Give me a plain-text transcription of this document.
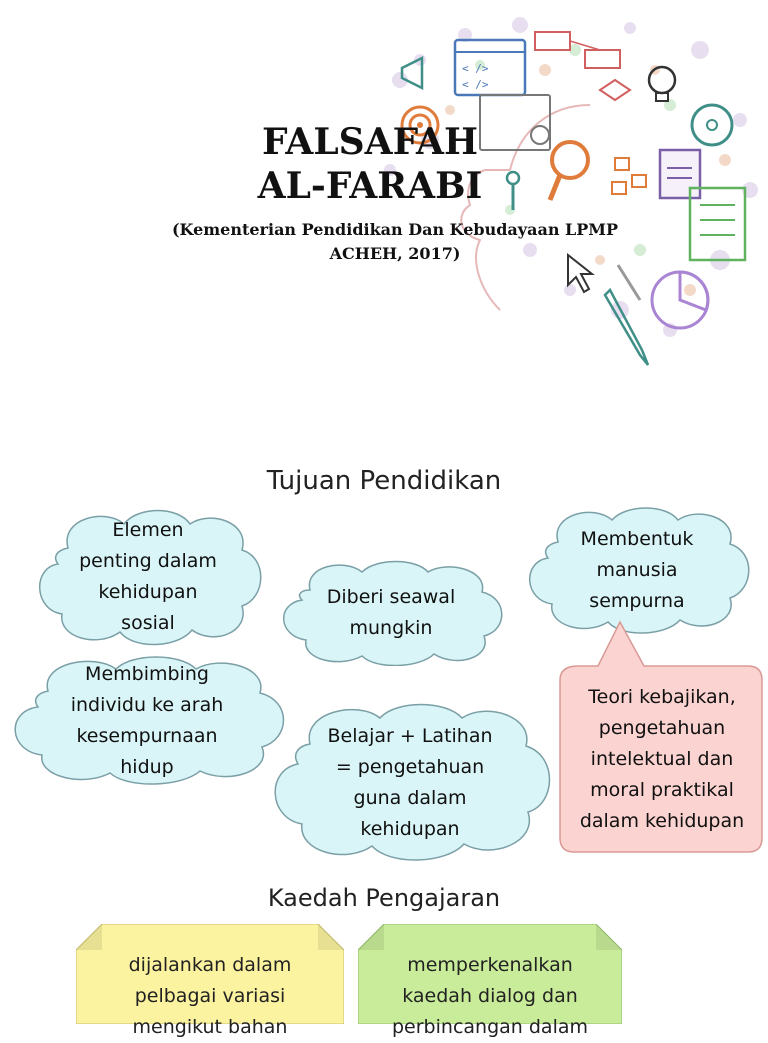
< />
< />
FALSAFAH
AL-FARABI
(Kementerian Pendidikan Dan Kebudayaan LPMP
ACHEH, 2017)
Tujuan Pendidikan
Elemen
penting dalam
kehidupan
sosial
Diberi seawal
mungkin
Membentuk
manusia
sempurna
Membimbing
individu ke arah
kesempurnaan
hidup
Belajar + Latihan
= pengetahuan
guna dalam
kehidupan
Teori kebajikan,
pengetahuan
intelektual dan
moral praktikal
dalam kehidupan
Kaedah Pengajaran
dijalankan dalam
pelbagai variasi
mengikut bahan
memperkenalkan
kaedah dialog dan
perbincangan dalam
